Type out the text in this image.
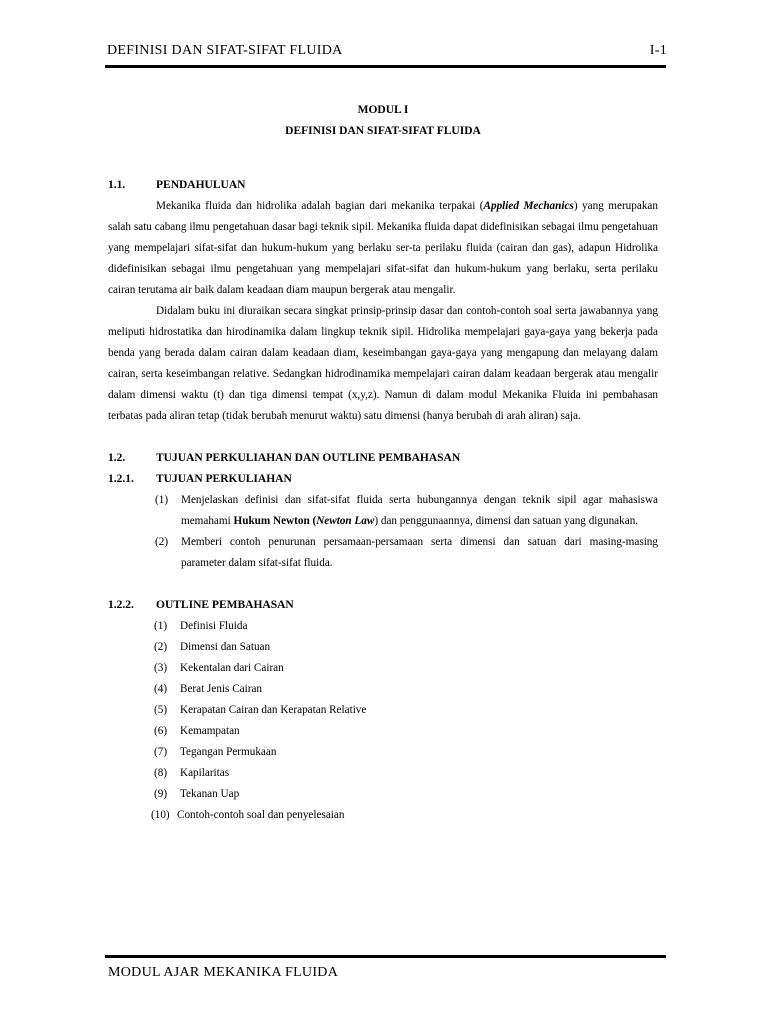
DEFINISI DAN SIFAT-SIFAT FLUIDA	I-1

MODUL I

DEFINISI DAN SIFAT-SIFAT FLUIDA

1.1.	PENDAHULUAN

Mekanika fluida dan hidrolika adalah bagian dari mekanika terpakai (Applied Mechanics) yang merupakan salah satu cabang ilmu pengetahuan dasar bagi teknik sipil. Mekanika fluida dapat didefinisikan sebagai ilmu pengetahuan yang mempelajari sifat-sifat dan hukum-hukum yang berlaku ser-ta perilaku fluida (cairan dan gas), adapun Hidrolika didefinisikan sebagai ilmu pengetahuan yang mempelajari sifat-sifat dan hukum-hukum yang berlaku, serta perilaku cairan terutama air baik dalam keadaan diam maupun bergerak atau mengalir.

Didalam buku ini diuraikan secara singkat prinsip-prinsip dasar dan contoh-contoh soal serta jawabannya yang meliputi hidrostatika dan hirodinamika dalam lingkup teknik sipil. Hidrolika mempelajari gaya-gaya yang bekerja pada benda yang berada dalam cairan dalam keadaan diam, keseimbangan gaya-gaya yang mengapung dan melayang dalam cairan, serta keseimbangan relative. Sedangkan hidrodinamika mempelajari cairan dalam keadaan bergerak atau mengalir dalam dimensi waktu (t) dan tiga dimensi tempat (x,y,z). Namun di dalam modul Mekanika Fluida ini pembahasan terbatas pada aliran tetap (tidak berubah menurut waktu) satu dimensi (hanya berubah di arah aliran) saja.

1.2.	TUJUAN PERKULIAHAN DAN OUTLINE PEMBAHASAN
1.2.1.	TUJUAN PERKULIAHAN
(1)	Menjelaskan definisi dan sifat-sifat fluida serta hubungannya dengan teknik sipil agar mahasiswa memahami Hukum Newton (Newton Law) dan penggunaannya, dimensi dan satuan yang digunakan.
(2)	Memberi contoh penurunan persamaan-persamaan serta dimensi dan satuan dari masing-masing parameter dalam sifat-sifat fluida.
1.2.2.	OUTLINE PEMBAHASAN
(1)	Definisi Fluida
(2)	Dimensi dan Satuan
(3)	Kekentalan dari Cairan
(4)	Berat Jenis Cairan
(5)	Kerapatan Cairan dan Kerapatan Relative
(6)	Kemampatan
(7)	Tegangan Permukaan
(8)	Kapilaritas
(9)	Tekanan Uap
(10) Contoh-contoh soal dan penyelesaian
MODUL AJAR MEKANIKA FLUIDA
